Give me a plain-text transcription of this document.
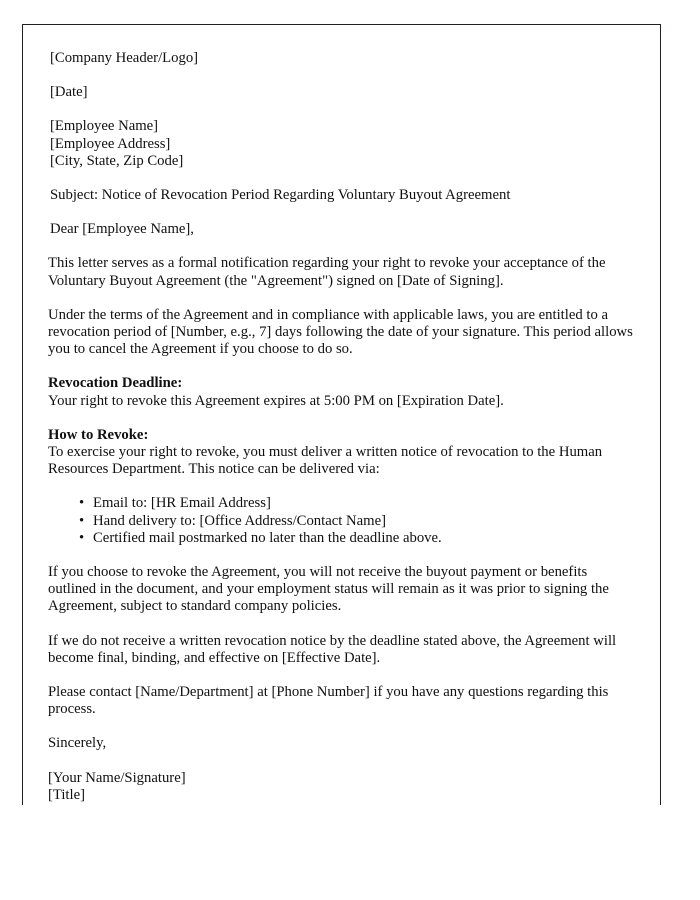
[Company Header/Logo]
[Date]
[Employee Name]
[Employee Address]
[City, State, Zip Code]
Subject: Notice of Revocation Period Regarding Voluntary Buyout Agreement
Dear [Employee Name],

This letter serves as a formal notification regarding your right to revoke your acceptance of the Voluntary Buyout Agreement (the "Agreement") signed on [Date of Signing].

Under the terms of the Agreement and in compliance with applicable laws, you are entitled to a revocation period of [Number, e.g., 7] days following the date of your signature. This period allows you to cancel the Agreement if you choose to do so.

Revocation Deadline:
Your right to revoke this Agreement expires at 5:00 PM on [Expiration Date].
How to Revoke:
To exercise your right to revoke, you must deliver a written notice of revocation to the Human Resources Department. This notice can be delivered via:
• Email to: [HR Email Address]
• Hand delivery to: [Office Address/Contact Name]
• Certified mail postmarked no later than the deadline above.

If you choose to revoke the Agreement, you will not receive the buyout payment or benefits outlined in the document, and your employment status will remain as it was prior to signing the Agreement, subject to standard company policies.

If we do not receive a written revocation notice by the deadline stated above, the Agreement will become final, binding, and effective on [Effective Date].

Please contact [Name/Department] at [Phone Number] if you have any questions regarding this process.

Sincerely,
[Your Name/Signature]
[Title]
